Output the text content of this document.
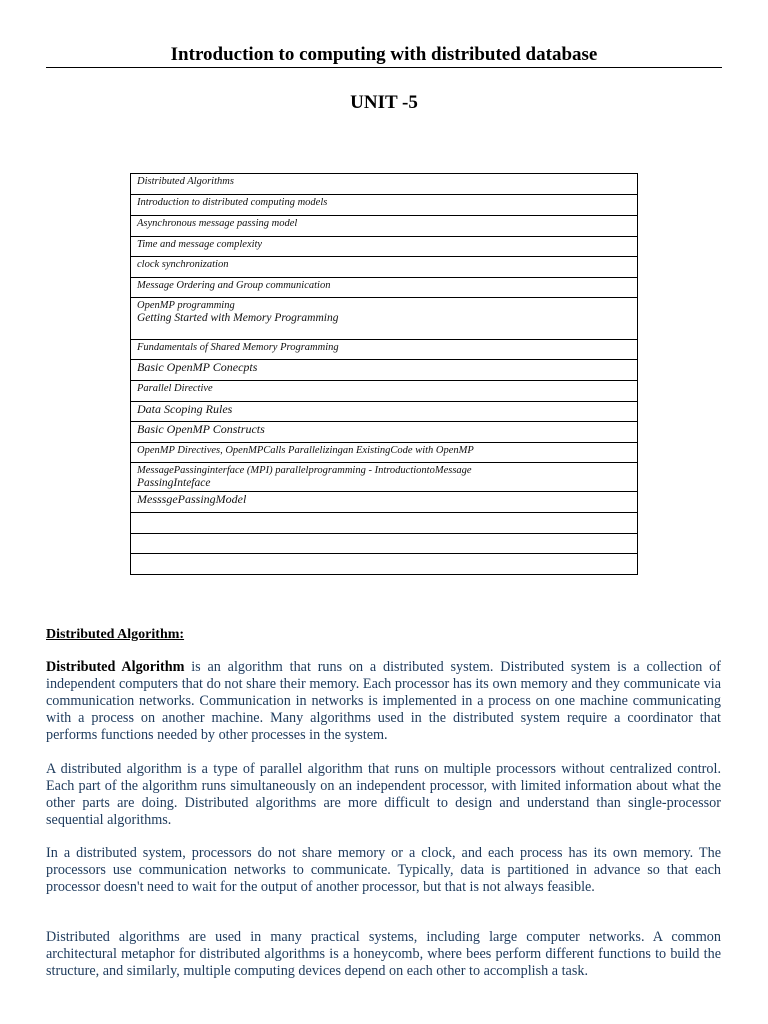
Introduction to computing with distributed database
UNIT -5
Distributed Algorithms

Introduction to distributed computing models

Asynchronous message passing model

Time and message complexity

clock synchronization

Message Ordering and Group communication

OpenMP programming
Getting Started with Memory Programming

Fundamentals of Shared Memory Programming

Basic OpenMP Conecpts

Parallel Directive

Data Scoping Rules

Basic OpenMP Constructs

OpenMP Directives, OpenMPCalls Parallelizingan ExistingCode with OpenMP

MessagePassinginterface (MPI) parallelprogramming - IntroductiontoMessage
PassingInteface

MesssgePassingModel

Distributed Algorithm:

Distributed Algorithm is an algorithm that runs on a distributed system. Distributed system is a collection of independent computers that do not share their memory. Each processor has its own memory and they communicate via communication networks. Communication in networks is implemented in a process on one machine communicating with a process on another machine. Many algorithms used in the distributed system require a coordinator that performs functions needed by other processes in the system.

A distributed algorithm is a type of parallel algorithm that runs on multiple processors without centralized control. Each part of the algorithm runs simultaneously on an independent processor, with limited information about what the other parts are doing. Distributed algorithms are more difficult to design and understand than single-processor sequential algorithms.

In a distributed system, processors do not share memory or a clock, and each process has its own memory. The processors use communication networks to communicate. Typically, data is partitioned in advance so that each processor doesn't need to wait for the output of another processor, but that is not always feasible.

Distributed algorithms are used in many practical systems, including large computer networks. A common architectural metaphor for distributed algorithms is a honeycomb, where bees perform different functions to build the structure, and similarly, multiple computing devices depend on each other to accomplish a task.
